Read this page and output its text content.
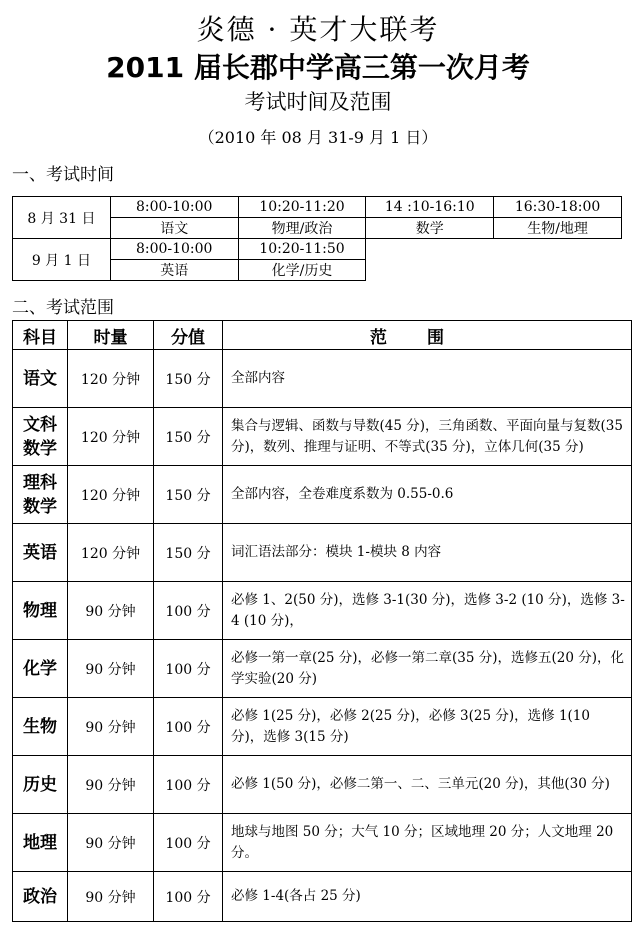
炎德 · 英才大联考
2011 届长郡中学高三第一次月考
考试时间及范围
（2010 年 08 月 31-9 月 1 日）
一、考试时间
8 月 31 日	8:00-10:00	10:20-11:20	14 :10-16:10	16:30-18:00
	语文	物理/政治	数学	生物/地理
9 月 1 日	8:00-10:00	10:20-11:50		
	英语	化学/历史		
二、考试范围
科目	时量	分值	范围
语文	120 分钟	150 分	全部内容
文科
数学	120 分钟	150 分	集合与逻辑、函数与导数(45 分)，三角函数、平面向量与复数(35 分)，数列、推理与证明、不等式(35 分)，立体几何(35 分)
理科
数学	120 分钟	150 分	全部内容，全卷难度系数为 0.55-0.6
英语	120 分钟	150 分	词汇语法部分：模块 1-模块 8 内容
物理	90 分钟	100 分	必修 1、2(50 分)，选修 3-1(30 分)，选修 3-2 (10 分)，选修 3-4 (10 分)，
化学	90 分钟	100 分	必修一第一章(25 分)，必修一第二章(35 分)，选修五(20 分)，化学实验(20 分)
生物	90 分钟	100 分	必修 1(25 分)，必修 2(25 分)，必修 3(25 分)，选修 1(10 分)，选修 3(15 分)
历史	90 分钟	100 分	必修 1(50 分)，必修二第一、二、三单元(20 分)，其他(30 分)
地理	90 分钟	100 分	地球与地图 50 分；大气 10 分；区域地理 20 分；人文地理 20 分。
政治	90 分钟	100 分	必修 1-4(各占 25 分)
